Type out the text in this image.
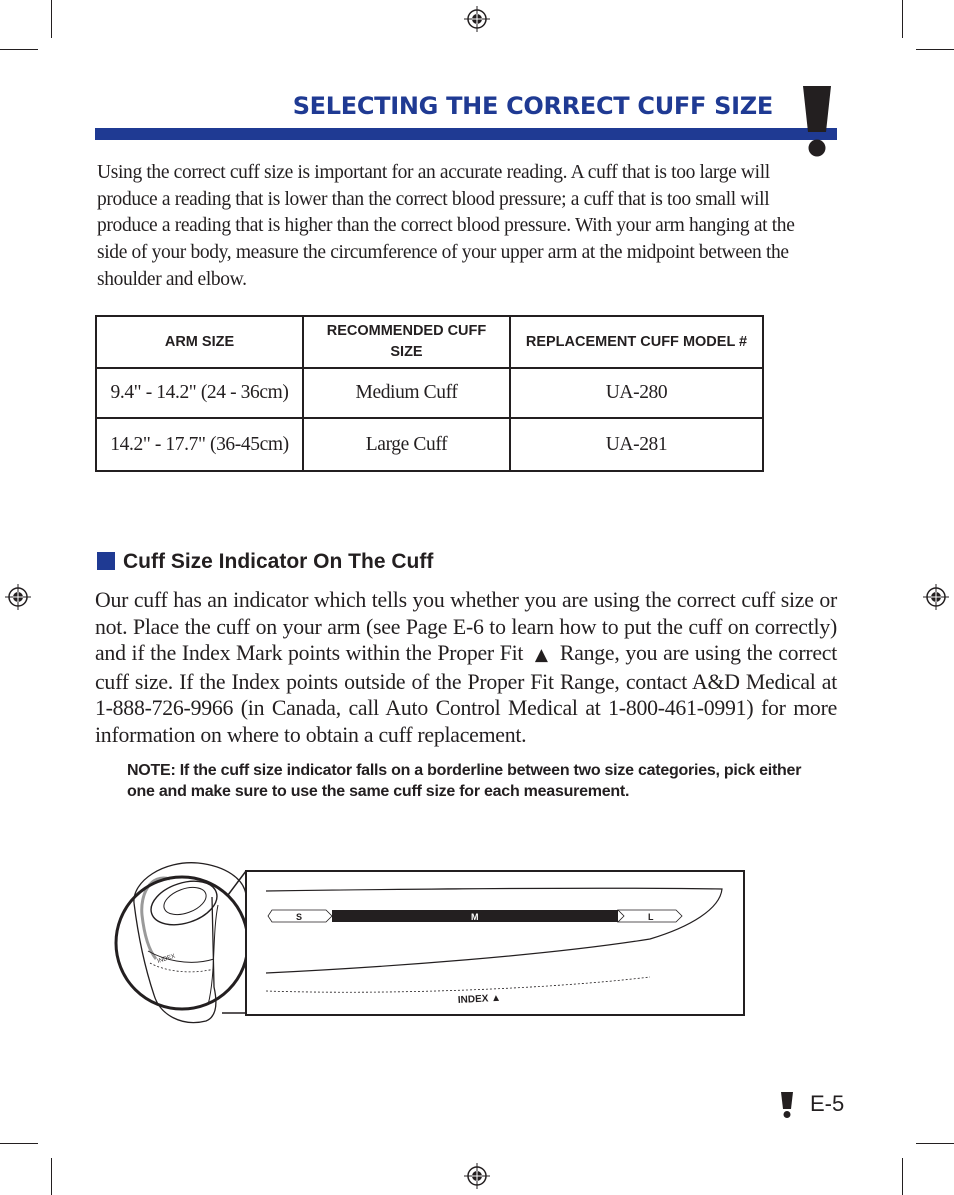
SELECTING THE CORRECT CUFF SIZE

Using the correct cuff size is important for an accurate reading. A cuff that is too large will produce a reading that is lower than the correct blood pressure; a cuff that is too small will produce a reading that is higher than the correct blood pressure. With your arm hanging at the side of your body, measure the circumference of your upper arm at the midpoint between the shoulder and elbow.

ARM SIZE	RECOMMENDED CUFF SIZE	REPLACEMENT CUFF MODEL #
9.4" - 14.2" (24 - 36cm)	Medium Cuff	UA-280
14.2" - 17.7" (36-45cm)	Large Cuff	UA-281
Cuff Size Indicator On The Cuff

Our cuff has an indicator which tells you whether you are using the correct cuff size or not. Place the cuff on your arm (see Page E-6 to learn how to put the cuff on correctly) and if the Index Mark points within the Proper Fit ▲ Range, you are using the correct cuff size. If the Index points outside of the Proper Fit Range, contact A&D Medical at 1-888-726-9966 (in Canada, call Auto Control Medical at 1-800-461-0991) for more information on where to obtain a cuff replacement.

NOTE: If the cuff size indicator falls on a borderline between two size categories, pick either one and make sure to use the same cuff size for each measurement.

INDEX
S	M	L
INDEX ▲
E-5
